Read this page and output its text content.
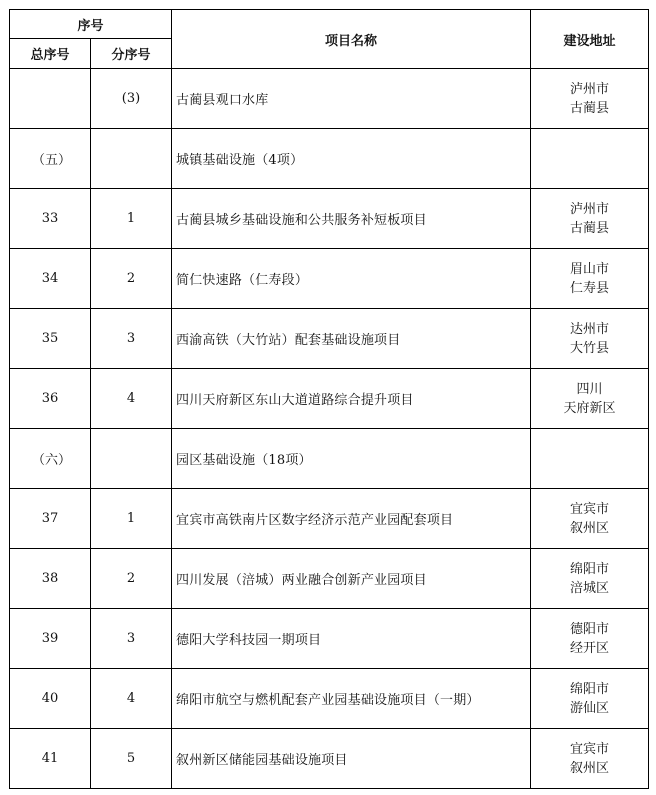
序号		项目名称	建设地址
总序号	分序号		
	(3)	古蔺县观口水库	泸州市
古蔺县

（五）		城镇基础设施（4项）	

33	1	古蔺县城乡基础设施和公共服务补短板项目	泸州市
古蔺县

34	2	简仁快速路（仁寿段）	眉山市
仁寿县

35	3	西渝高铁（大竹站）配套基础设施项目	达州市
大竹县

36	4	四川天府新区东山大道道路综合提升项目	四川
天府新区

（六）		园区基础设施（18项）	

37	1	宜宾市高铁南片区数字经济示范产业园配套项目	宜宾市
叙州区

38	2	四川发展（涪城）两业融合创新产业园项目	绵阳市
涪城区

39	3	德阳大学科技园一期项目	德阳市
经开区

40	4	绵阳市航空与燃机配套产业园基础设施项目（一期）	绵阳市
游仙区

41	5	叙州新区储能园基础设施项目	宜宾市
叙州区
